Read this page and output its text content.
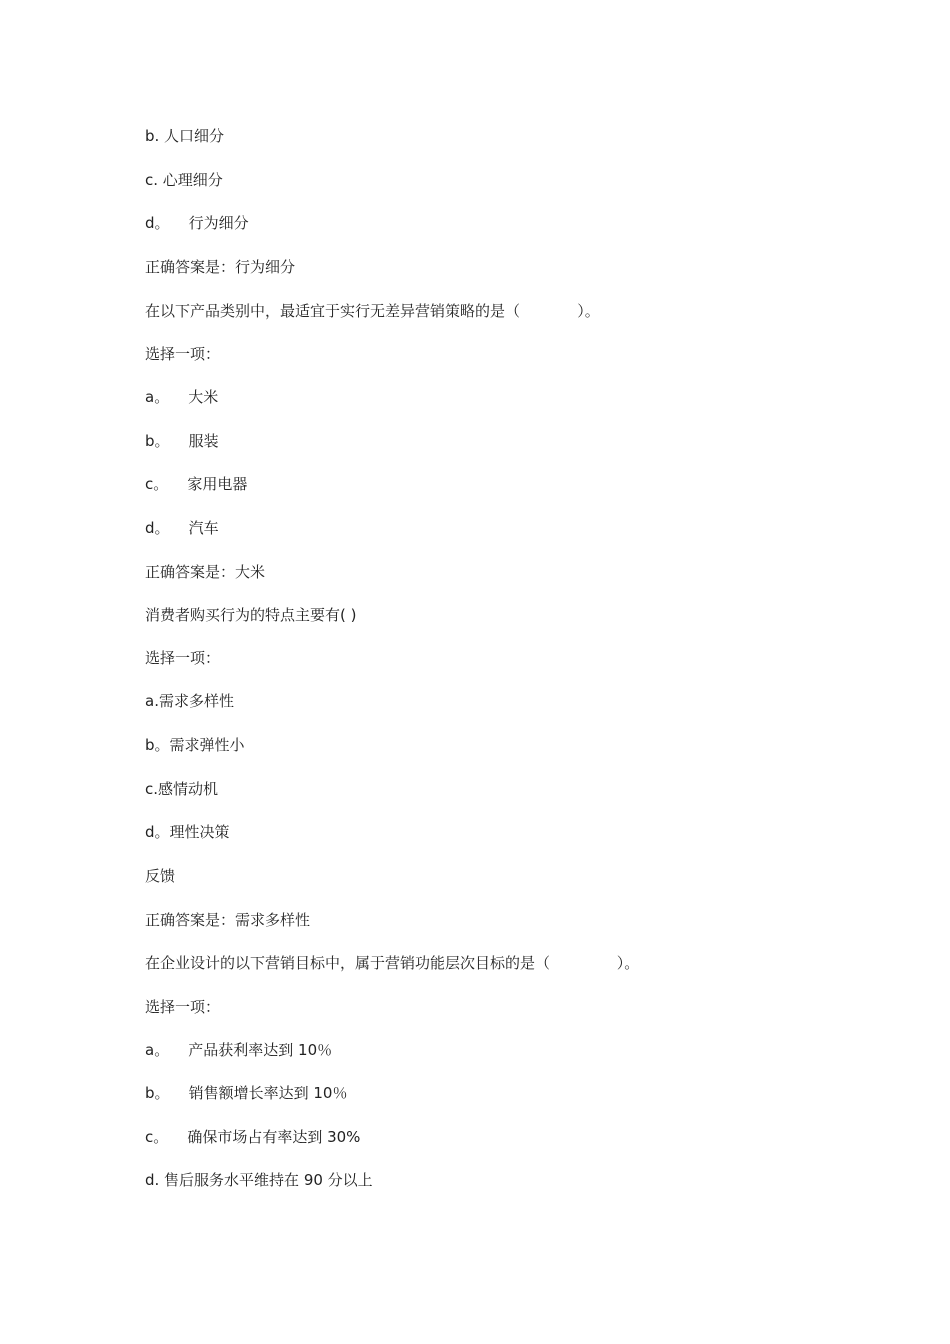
b. 人口细分
c. 心理细分
d。    行为细分
正确答案是：行为细分
在以下产品类别中，最适宜于实行无差异营销策略的是（            ）。
选择一项：
a。    大米
b。    服装
c。    家用电器
d。    汽车
正确答案是：大米
消费者购买行为的特点主要有( )
选择一项：
a.需求多样性
b。需求弹性小
c.感情动机
d。理性决策
反馈
正确答案是：需求多样性
在企业设计的以下营销目标中，属于营销功能层次目标的是（              ）。
选择一项：
a。    产品获利率达到 10％
b。    销售额增长率达到 10％
c。    确保市场占有率达到 30%
d. 售后服务水平维持在 90 分以上
